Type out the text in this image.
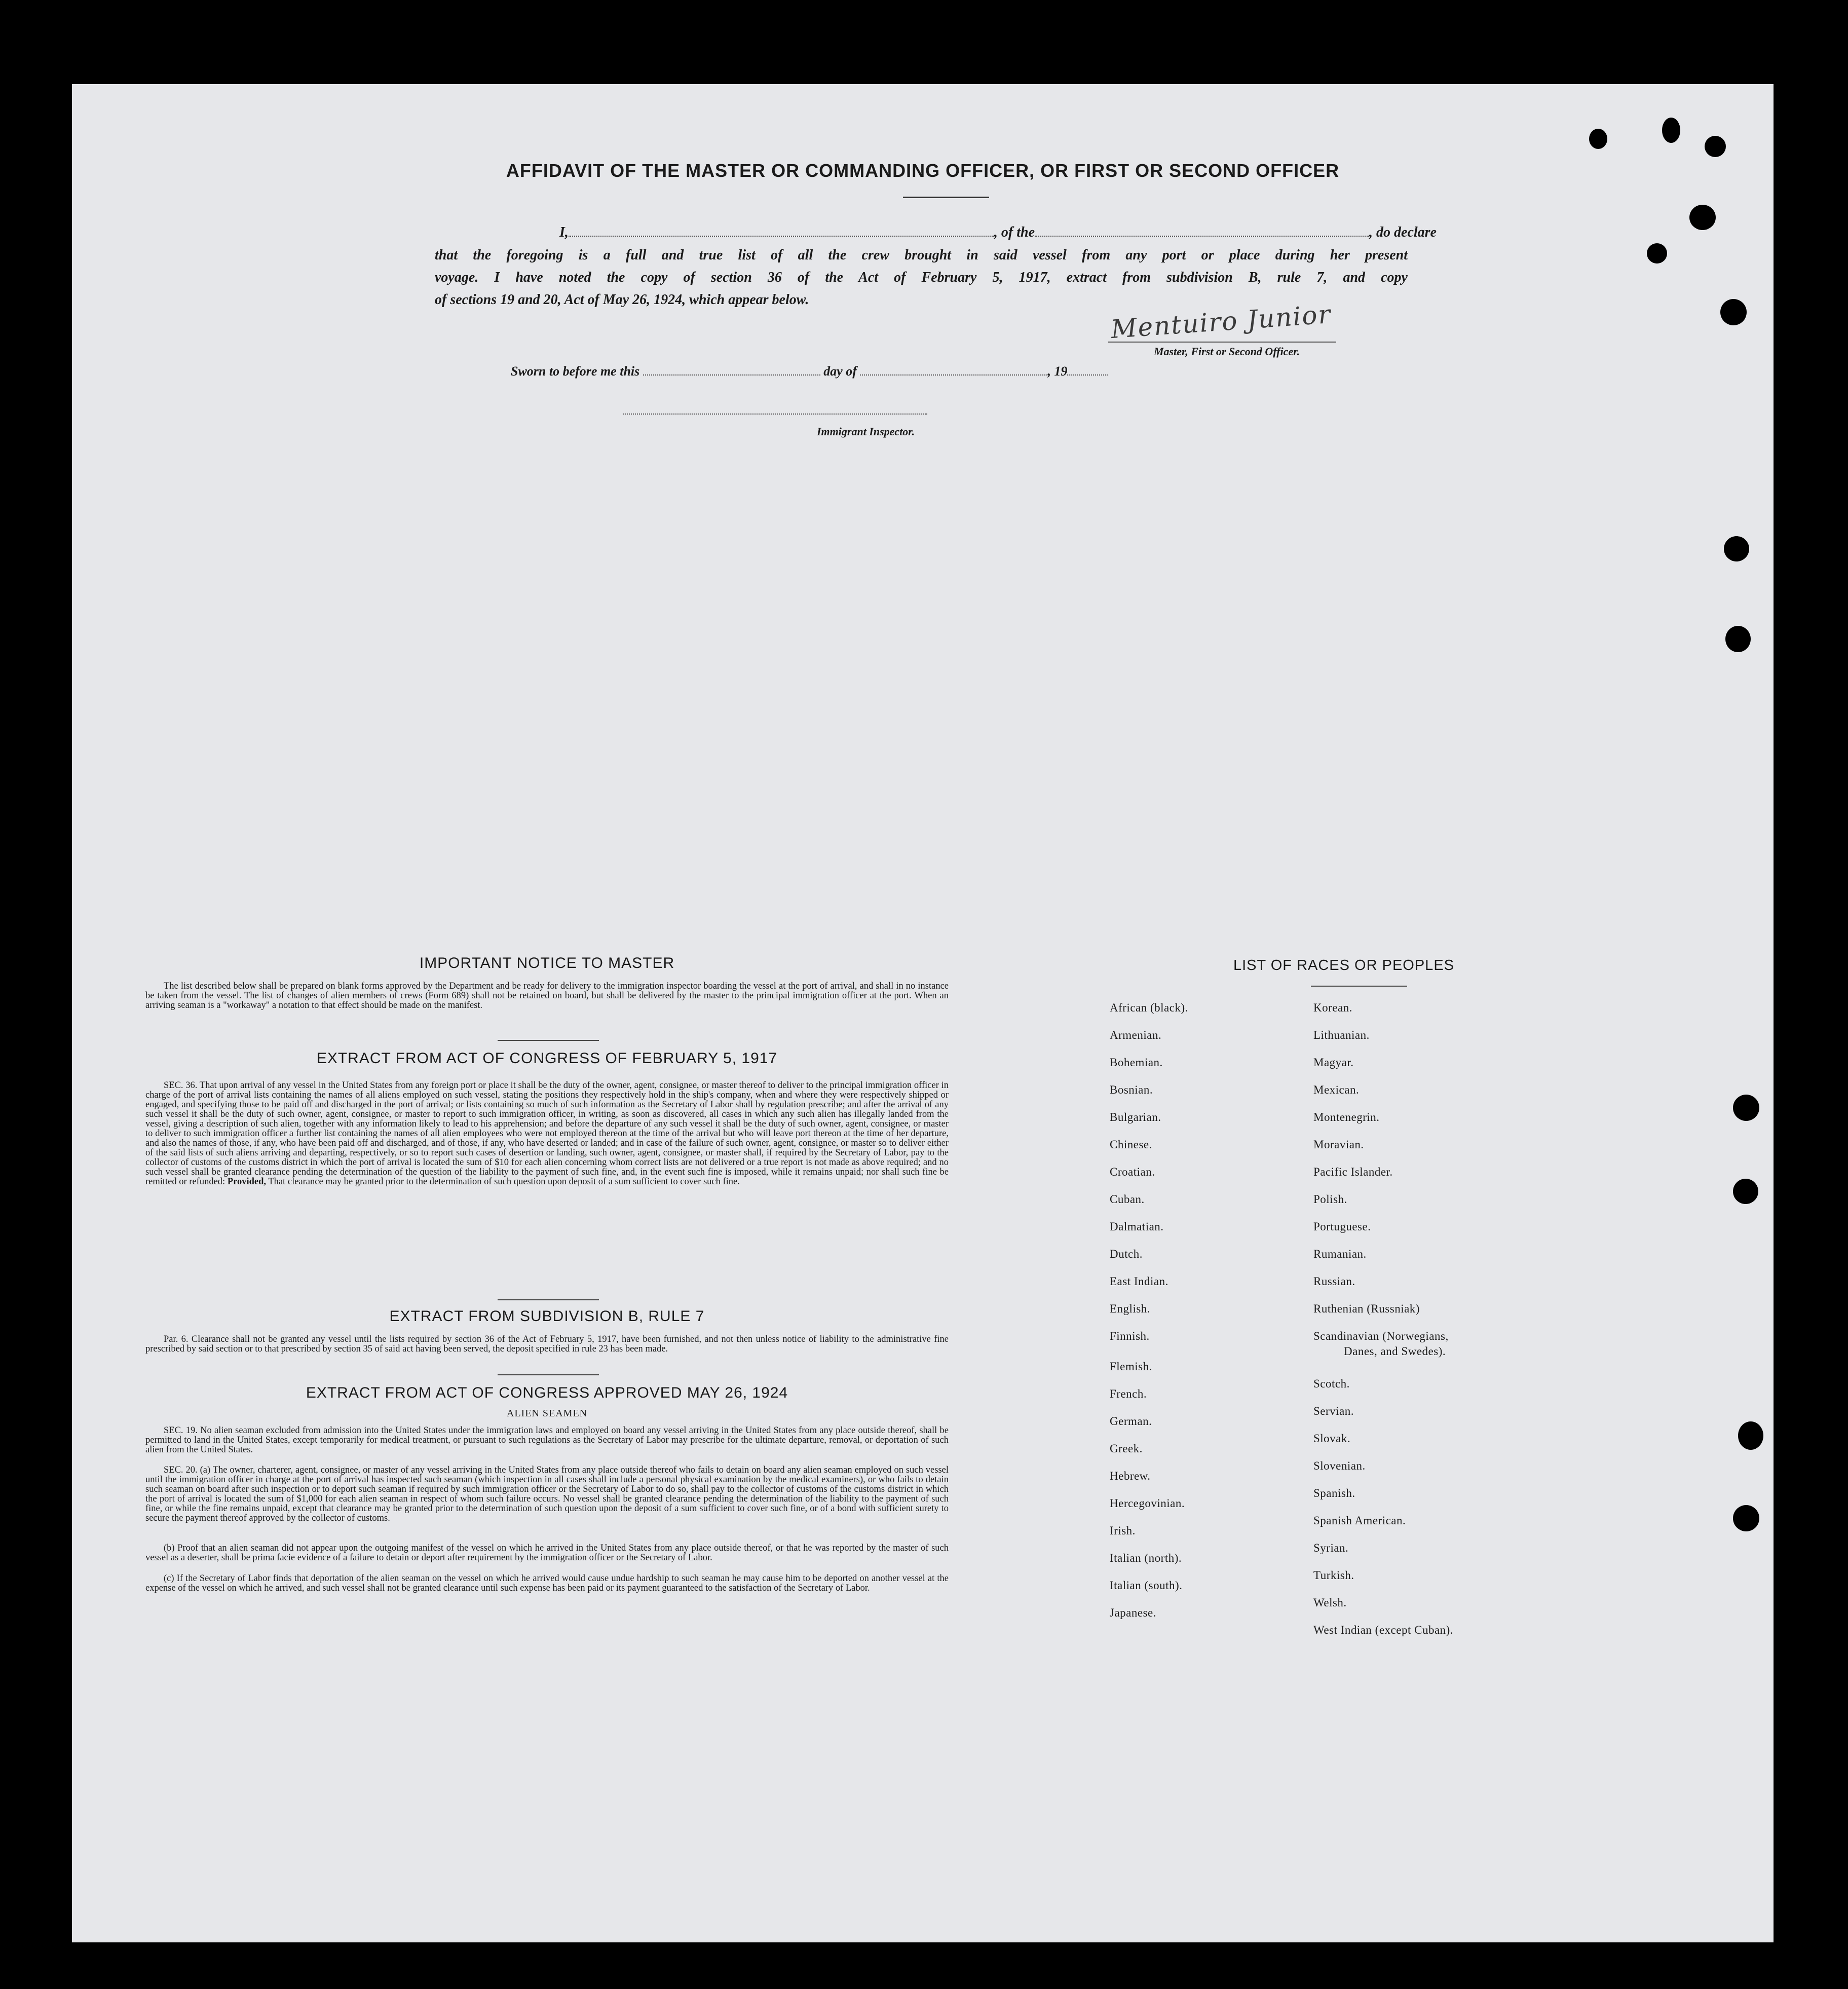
AFFIDAVIT OF THE MASTER OR COMMANDING OFFICER, OR FIRST OR SECOND OFFICER
I,	, of the	, do declare
that the foregoing is a full and true list of all the crew brought in said vessel from any port or place during her present
voyage. I have noted the copy of section 36 of the Act of February 5, 1917, extract from subdivision B, rule 7, and copy
of sections 19 and 20, Act of May 26, 1924, which appear below.	Mentuiro Junior
Master, First or Second Officer.
Sworn to before me this	day of	, 19
Immigrant Inspector.
IMPORTANT NOTICE TO MASTER
The list described below shall be prepared on blank forms approved by the Department and be ready for delivery to the immigration inspector boarding the vessel at the port of arrival, and shall in no instance be taken from the vessel. The list of changes of alien members of crews (Form 689) shall not be retained on board, but shall be delivered by the master to the principal immigration officer at the port. When an arriving seaman is a "workaway" a notation to that effect should be made on the manifest.
EXTRACT FROM ACT OF CONGRESS OF FEBRUARY 5, 1917
SEC. 36. That upon arrival of any vessel in the United States from any foreign port or place it shall be the duty of the owner, agent, consignee, or master thereof to deliver to the principal immigration officer in charge of the port of arrival lists containing the names of all aliens employed on such vessel, stating the positions they respectively hold in the ship's company, when and where they were respectively shipped or engaged, and specifying those to be paid off and discharged in the port of arrival; or lists containing so much of such information as the Secretary of Labor shall by regulation prescribe; and after the arrival of any such vessel it shall be the duty of such owner, agent, consignee, or master to report to such immigration officer, in writing, as soon as discovered, all cases in which any such alien has illegally landed from the vessel, giving a description of such alien, together with any information likely to lead to his apprehension; and before the departure of any such vessel it shall be the duty of such owner, agent, consignee, or master to deliver to such immigration officer a further list containing the names of all alien employees who were not employed thereon at the time of the arrival but who will leave port thereon at the time of her departure, and also the names of those, if any, who have been paid off and discharged, and of those, if any, who have deserted or landed; and in case of the failure of such owner, agent, consignee, or master so to deliver either of the said lists of such aliens arriving and departing, respectively, or so to report such cases of desertion or landing, such owner, agent, consignee, or master shall, if required by the Secretary of Labor, pay to the collector of customs of the customs district in which the port of arrival is located the sum of $10 for each alien concerning whom correct lists are not delivered or a true report is not made as above required; and no such vessel shall be granted clearance pending the determination of the question of the liability to the payment of such fine, and, in the event such fine is imposed, while it remains unpaid; nor shall such fine be remitted or refunded: Provided, That clearance may be granted prior to the determination of such question upon deposit of a sum sufficient to cover such fine.
EXTRACT FROM SUBDIVISION B, RULE 7
Par. 6. Clearance shall not be granted any vessel until the lists required by section 36 of the Act of February 5, 1917, have been furnished, and not then unless notice of liability to the administrative fine prescribed by said section or to that prescribed by section 35 of said act having been served, the deposit specified in rule 23 has been made.
EXTRACT FROM ACT OF CONGRESS APPROVED MAY 26, 1924
ALIEN SEAMEN
SEC. 19. No alien seaman excluded from admission into the United States under the immigration laws and employed on board any vessel arriving in the United States from any place outside thereof, shall be permitted to land in the United States, except temporarily for medical treatment, or pursuant to such regulations as the Secretary of Labor may prescribe for the ultimate departure, removal, or deportation of such alien from the United States.
SEC. 20. (a) The owner, charterer, agent, consignee, or master of any vessel arriving in the United States from any place outside thereof who fails to detain on board any alien seaman employed on such vessel until the immigration officer in charge at the port of arrival has inspected such seaman (which inspection in all cases shall include a personal physical examination by the medical examiners), or who fails to detain such seaman on board after such inspection or to deport such seaman if required by such immigration officer or the Secretary of Labor to do so, shall pay to the collector of customs of the customs district in which the port of arrival is located the sum of $1,000 for each alien seaman in respect of whom such failure occurs. No vessel shall be granted clearance pending the determination of the liability to the payment of such fine, or while the fine remains unpaid, except that clearance may be granted prior to the determination of such question upon the deposit of a sum sufficient to cover such fine, or of a bond with sufficient surety to secure the payment thereof approved by the collector of customs.
(b) Proof that an alien seaman did not appear upon the outgoing manifest of the vessel on which he arrived in the United States from any place outside thereof, or that he was reported by the master of such vessel as a deserter, shall be prima facie evidence of a failure to detain or deport after requirement by the immigration officer or the Secretary of Labor.
(c) If the Secretary of Labor finds that deportation of the alien seaman on the vessel on which he arrived would cause undue hardship to such seaman he may cause him to be deported on another vessel at the expense of the vessel on which he arrived, and such vessel shall not be granted clearance until such expense has been paid or its payment guaranteed to the satisfaction of the Secretary of Labor.
LIST OF RACES OR PEOPLES
African (black).
Armenian.
Bohemian.
Bosnian.
Bulgarian.
Chinese.
Croatian.
Cuban.
Dalmatian.
Dutch.
East Indian.
English.
Finnish.
Flemish.
French.
German.
Greek.
Hebrew.
Hercegovinian.
Irish.
Italian (north).
Italian (south).
Japanese.
Korean.
Lithuanian.
Magyar.
Mexican.
Montenegrin.
Moravian.
Pacific Islander.
Polish.
Portuguese.
Rumanian.
Russian.
Ruthenian (Russniak)
Scandinavian (Norwegians,
Danes, and Swedes).
Scotch.
Servian.
Slovak.
Slovenian.
Spanish.
Spanish American.
Syrian.
Turkish.
Welsh.
West Indian (except Cuban).
